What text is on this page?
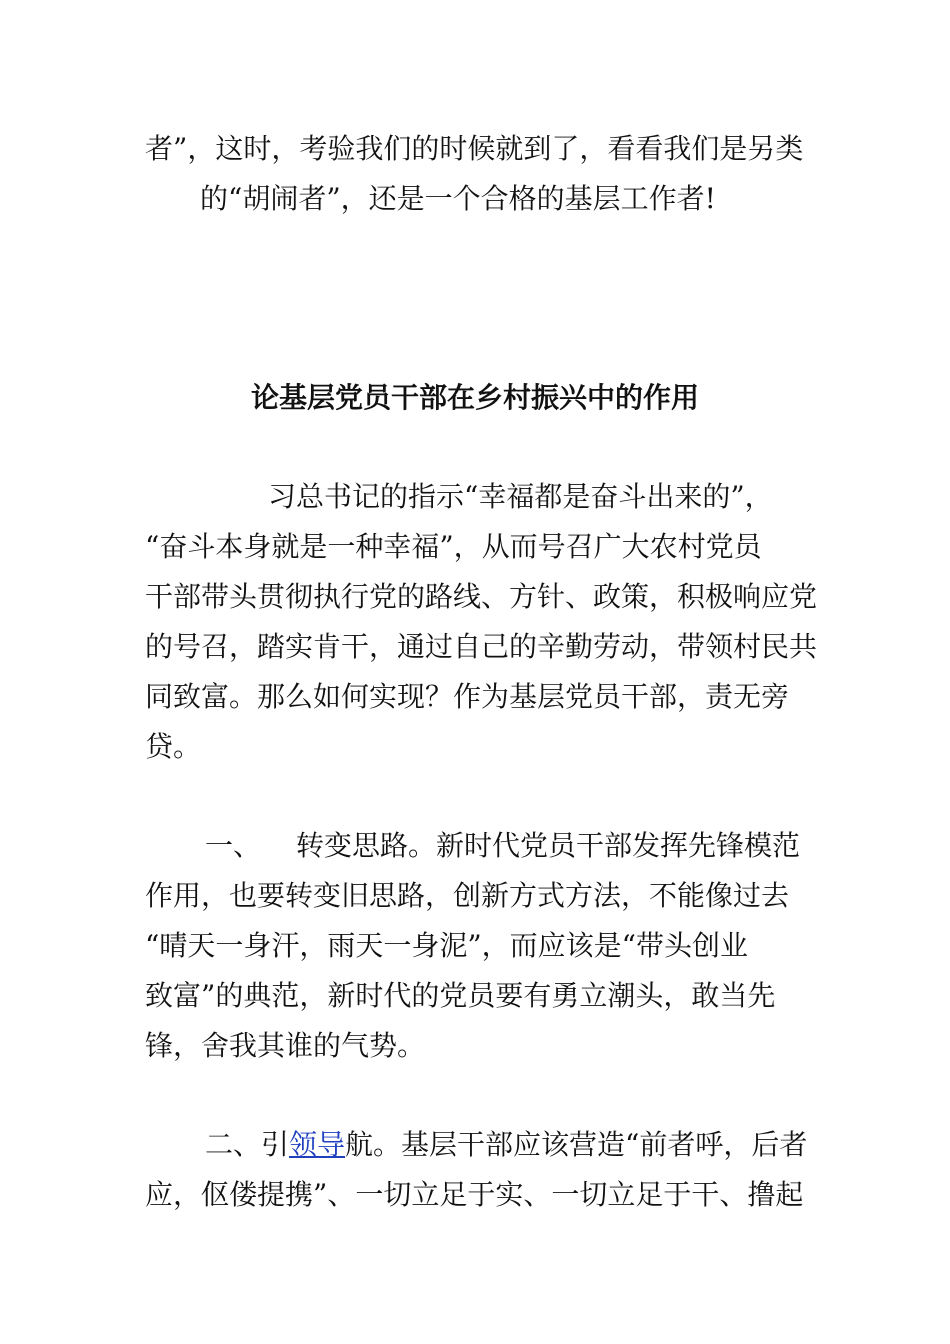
者”，这时，考验我们的时候就到了，看看我们是另类
的“胡闹者”，还是一个合格的基层工作者!
论基层党员干部在乡村振兴中的作用
习总书记的指示“幸福都是奋斗出来的”，
“奋斗本身就是一种幸福”，从而号召广大农村党员
干部带头贯彻执行党的路线、方针、政策，积极响应党
的号召，踏实肯干，通过自己的辛勤劳动，带领村民共
同致富。那么如何实现？作为基层党员干部，责无旁
贷。
一、 转变思路。新时代党员干部发挥先锋模范
作用，也要转变旧思路，创新方式方法，不能像过去
“晴天一身汗，雨天一身泥”，而应该是“带头创业
致富”的典范，新时代的党员要有勇立潮头，敢当先
锋，舍我其谁的气势。
二、引领导航。基层干部应该营造“前者呼，后者
应，伛偻提携”、一切立足于实、一切立足于干、撸起
